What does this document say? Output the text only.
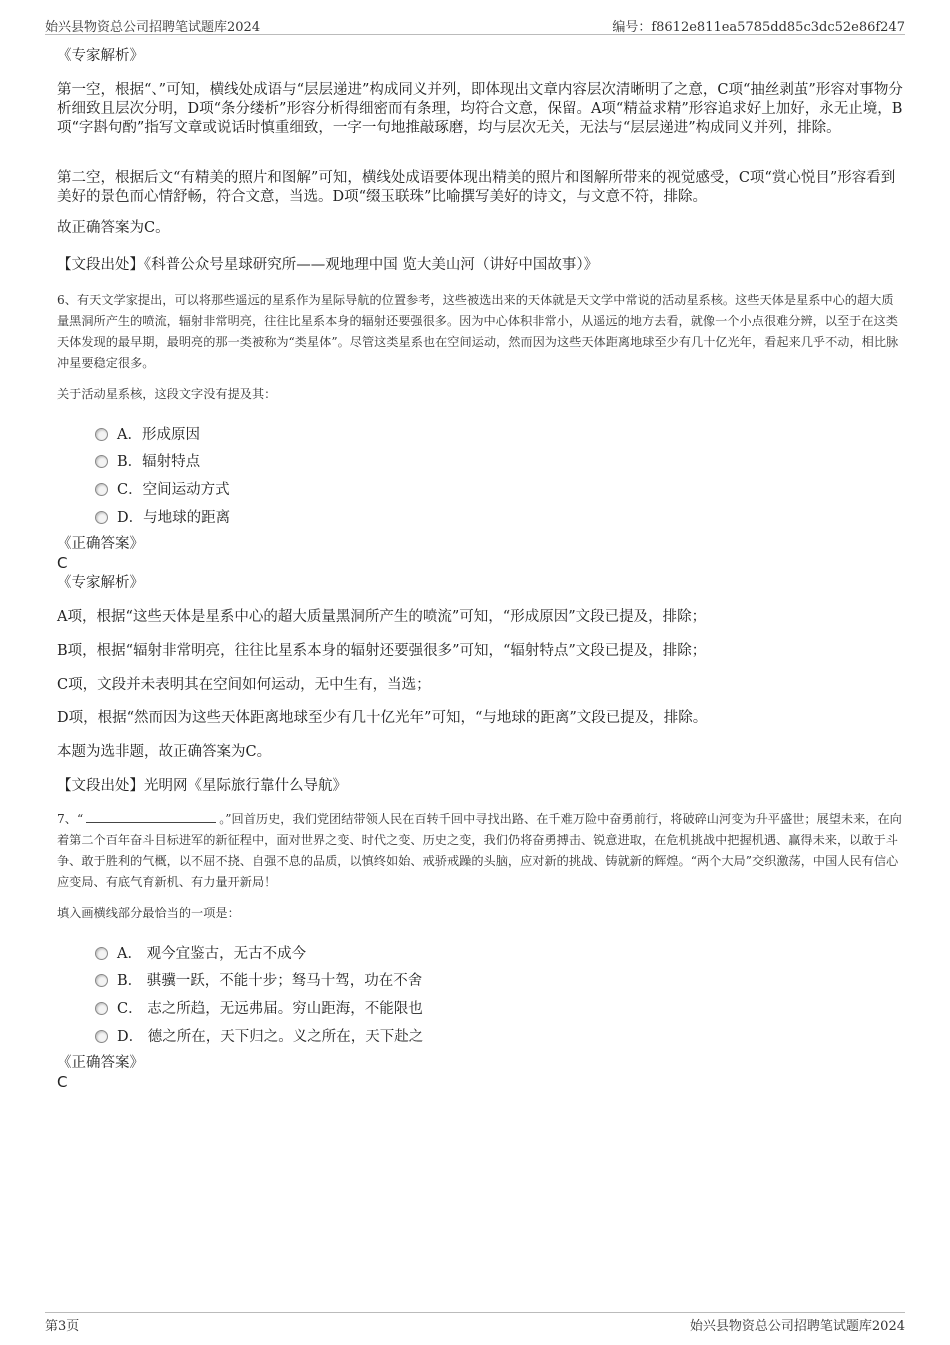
始兴县物资总公司招聘笔试题库2024	编号：f8612e811ea5785dd85c3dc52e86f247

《专家解析》

第一空，根据“、”可知，横线处成语与“层层递进”构成同义并列，即体现出文章内容层次清晰明了之意，C项“抽丝剥茧”形容对事物分析细致且层次分明，D项“条分缕析”形容分析得细密而有条理，均符合文意，保留。A项“精益求精”形容追求好上加好，永无止境，B项“字斟句酌”指写文章或说话时慎重细致，一字一句地推敲琢磨，均与层次无关，无法与“层层递进”构成同义并列，排除。

第二空，根据后文“有精美的照片和图解”可知，横线处成语要体现出精美的照片和图解所带来的视觉感受，C项“赏心悦目”形容看到美好的景色而心情舒畅，符合文意，当选。D项“缀玉联珠”比喻撰写美好的诗文，与文意不符，排除。

故正确答案为C。

【文段出处】《科普公众号星球研究所——观地理中国 览大美山河（讲好中国故事）》

6、有天文学家提出，可以将那些遥远的星系作为星际导航的位置参考，这些被选出来的天体就是天文学中常说的活动星系核。这些天体是星系中心的超大质量黑洞所产生的喷流，辐射非常明亮，往往比星系本身的辐射还要强很多。因为中心体积非常小，从遥远的地方去看，就像一个小点很难分辨，以至于在这类天体发现的最早期，最明亮的那一类被称为“类星体”。尽管这类星系也在空间运动，然而因为这些天体距离地球至少有几十亿光年，看起来几乎不动，相比脉冲星要稳定很多。

关于活动星系核，这段文字没有提及其：

A．形成原因
B．辐射特点
C．空间运动方式
D．与地球的距离

《正确答案》

C

《专家解析》

A项，根据“这些天体是星系中心的超大质量黑洞所产生的喷流”可知，“形成原因”文段已提及，排除；

B项，根据“辐射非常明亮，往往比星系本身的辐射还要强很多”可知，“辐射特点”文段已提及，排除；

C项，文段并未表明其在空间如何运动，无中生有，当选；

D项，根据“然而因为这些天体距离地球至少有几十亿光年”可知，“与地球的距离”文段已提及，排除。

本题为选非题，故正确答案为C。

【文段出处】光明网《星际旅行靠什么导航》

7、“	。”回首历史，我们党团结带领人民在百转千回中寻找出路、在千难万险中奋勇前行，将破碎山河变为升平盛世；展望未来，在向着第二个百年奋斗目标进军的新征程中，面对世界之变、时代之变、历史之变，我们仍将奋勇搏击、锐意进取，在危机挑战中把握机遇、赢得未来，以敢于斗争、敢于胜利的气概，以不屈不挠、自强不息的品质，以慎终如始、戒骄戒躁的头脑，应对新的挑战、铸就新的辉煌。“两个大局”交织激荡，中国人民有信心应变局、有底气育新机、有力量开新局！

填入画横线部分最恰当的一项是：

A． 观今宜鉴古，无古不成今
B． 骐骥一跃，不能十步；驽马十驾，功在不舍
C． 志之所趋，无远弗届。穷山距海，不能限也
D． 德之所在，天下归之。义之所在，天下赴之

《正确答案》

C

第3页	始兴县物资总公司招聘笔试题库2024
